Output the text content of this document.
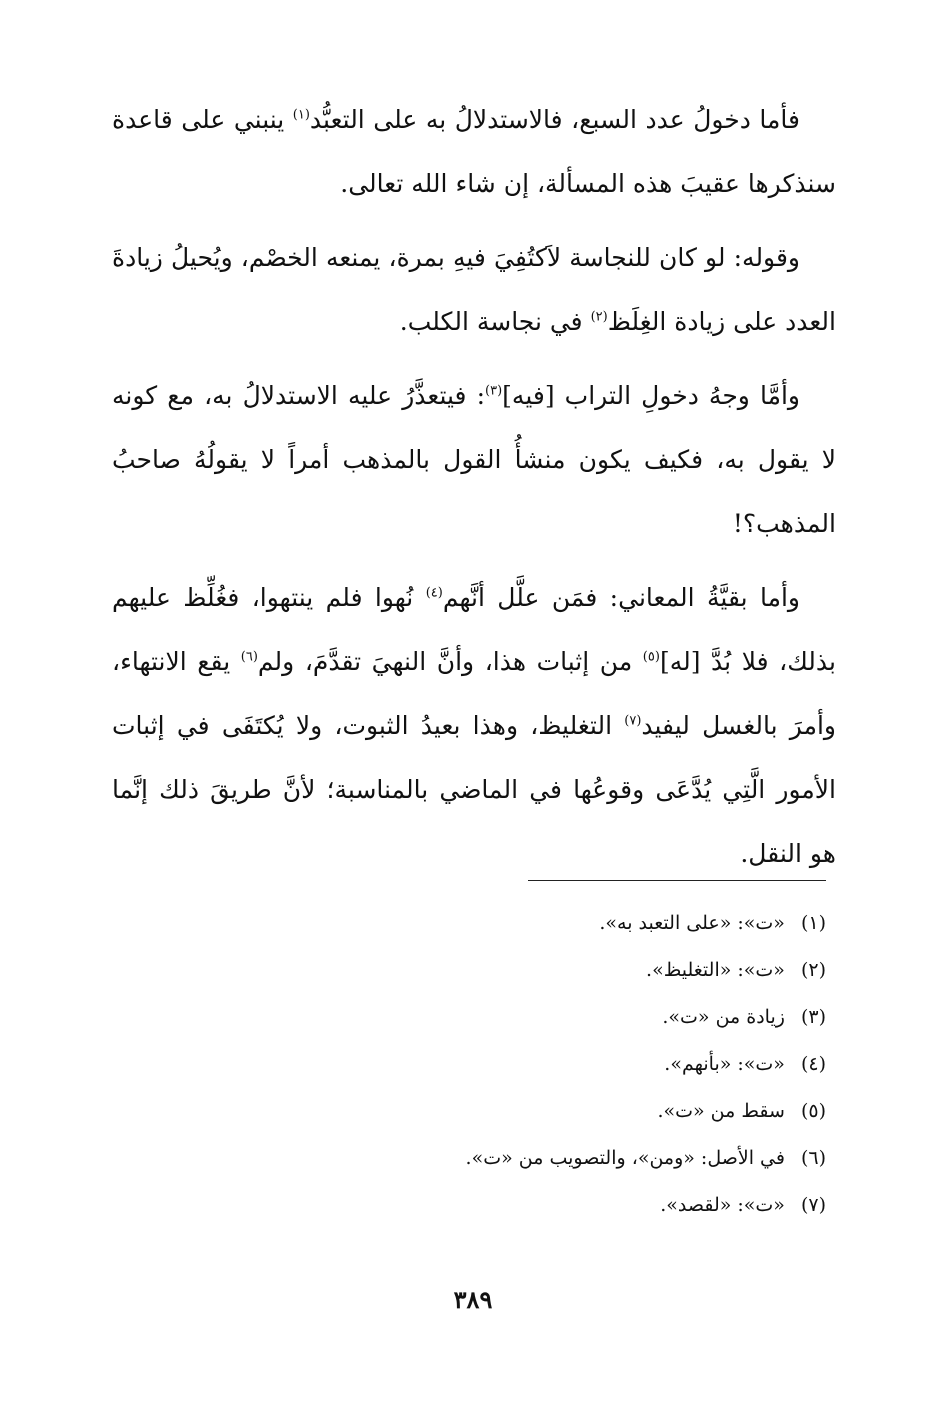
فأما دخولُ عدد السبع، فالاستدلالُ به على التعبُّد$^{(١)}$ ينبني على قاعدة سنذكرها عقيبَ هذه المسألة، إن شاء الله تعالى.

وقوله: لو كان للنجاسة لاَكتُفِيَ فيهِ بمرة، يمنعه الخصْم، ويُحيلُ زيادةَ العدد على زيادة الغِلَظ$^{(٢)}$ في نجاسة الكلب.

وأمَّا وجهُ دخولِ التراب [فيه]$^{(٣)}$: فيتعذَّرُ عليه الاستدلالُ به، مع كونه لا يقول به، فكيف يكون منشأُ القول بالمذهب أمراً لا يقولُهُ صاحبُ المذهب؟!

وأما بقيَّةُ المعاني: فمَن علَّل أنَّهم$^{(٤)}$ نُهوا فلم ينتهوا، فغُلِّظ عليهم بذلك، فلا بُدَّ [له]$^{(٥)}$ من إثبات هذا، وأنَّ النهيَ تقدَّمَ، ولم$^{(٦)}$ يقع الانتهاء، وأمرَ بالغسل ليفيد$^{(٧)}$ التغليظ، وهذا بعيدُ الثبوت، ولا يُكتَفَى في إثبات الأمور الَّتِي يُدَّعَى وقوعُها في الماضي بالمناسبة؛ لأنَّ طريقَ ذلك إنَّما هو النقل.

(١)«ت»: «على التعبد به».
(٢)«ت»: «التغليظ».
(٣)زيادة من «ت».
(٤)«ت»: «بأنهم».
(٥)سقط من «ت».
(٦)في الأصل: «ومن»، والتصويب من «ت».
(٧)«ت»: «لقصد».
٣٨٩
